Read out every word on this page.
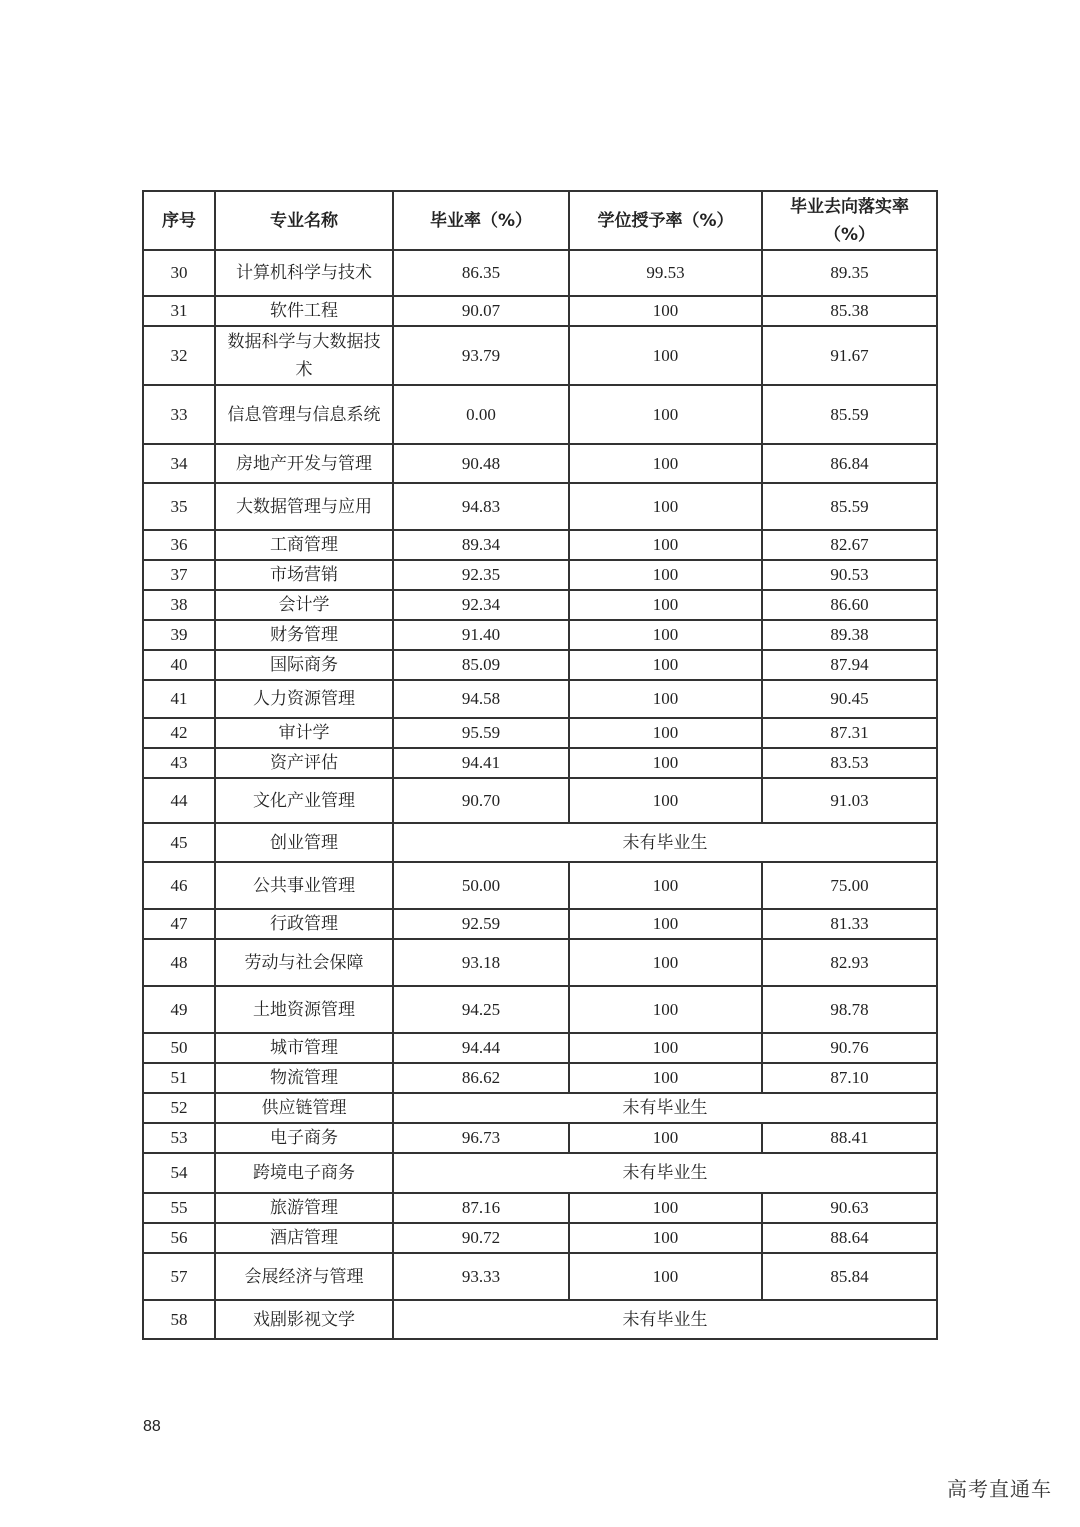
序号	专业名称	毕业率（%）	学位授予率（%）	毕业去向落实率（%）
30	计算机科学与技术	86.35	99.53	89.35
31	软件工程	90.07	100	85.38
32	数据科学与大数据技术	93.79	100	91.67
33	信息管理与信息系统	0.00	100	85.59
34	房地产开发与管理	90.48	100	86.84
35	大数据管理与应用	94.83	100	85.59
36	工商管理	89.34	100	82.67
37	市场营销	92.35	100	90.53
38	会计学	92.34	100	86.60
39	财务管理	91.40	100	89.38
40	国际商务	85.09	100	87.94
41	人力资源管理	94.58	100	90.45
42	审计学	95.59	100	87.31
43	资产评估	94.41	100	83.53
44	文化产业管理	90.70	100	91.03
45	创业管理	未有毕业生		
46	公共事业管理	50.00	100	75.00
47	行政管理	92.59	100	81.33
48	劳动与社会保障	93.18	100	82.93
49	土地资源管理	94.25	100	98.78
50	城市管理	94.44	100	90.76
51	物流管理	86.62	100	87.10
52	供应链管理	未有毕业生		
53	电子商务	96.73	100	88.41
54	跨境电子商务	未有毕业生		
55	旅游管理	87.16	100	90.63
56	酒店管理	90.72	100	88.64
57	会展经济与管理	93.33	100	85.84
58	戏剧影视文学	未有毕业生		
88
高考直通车
